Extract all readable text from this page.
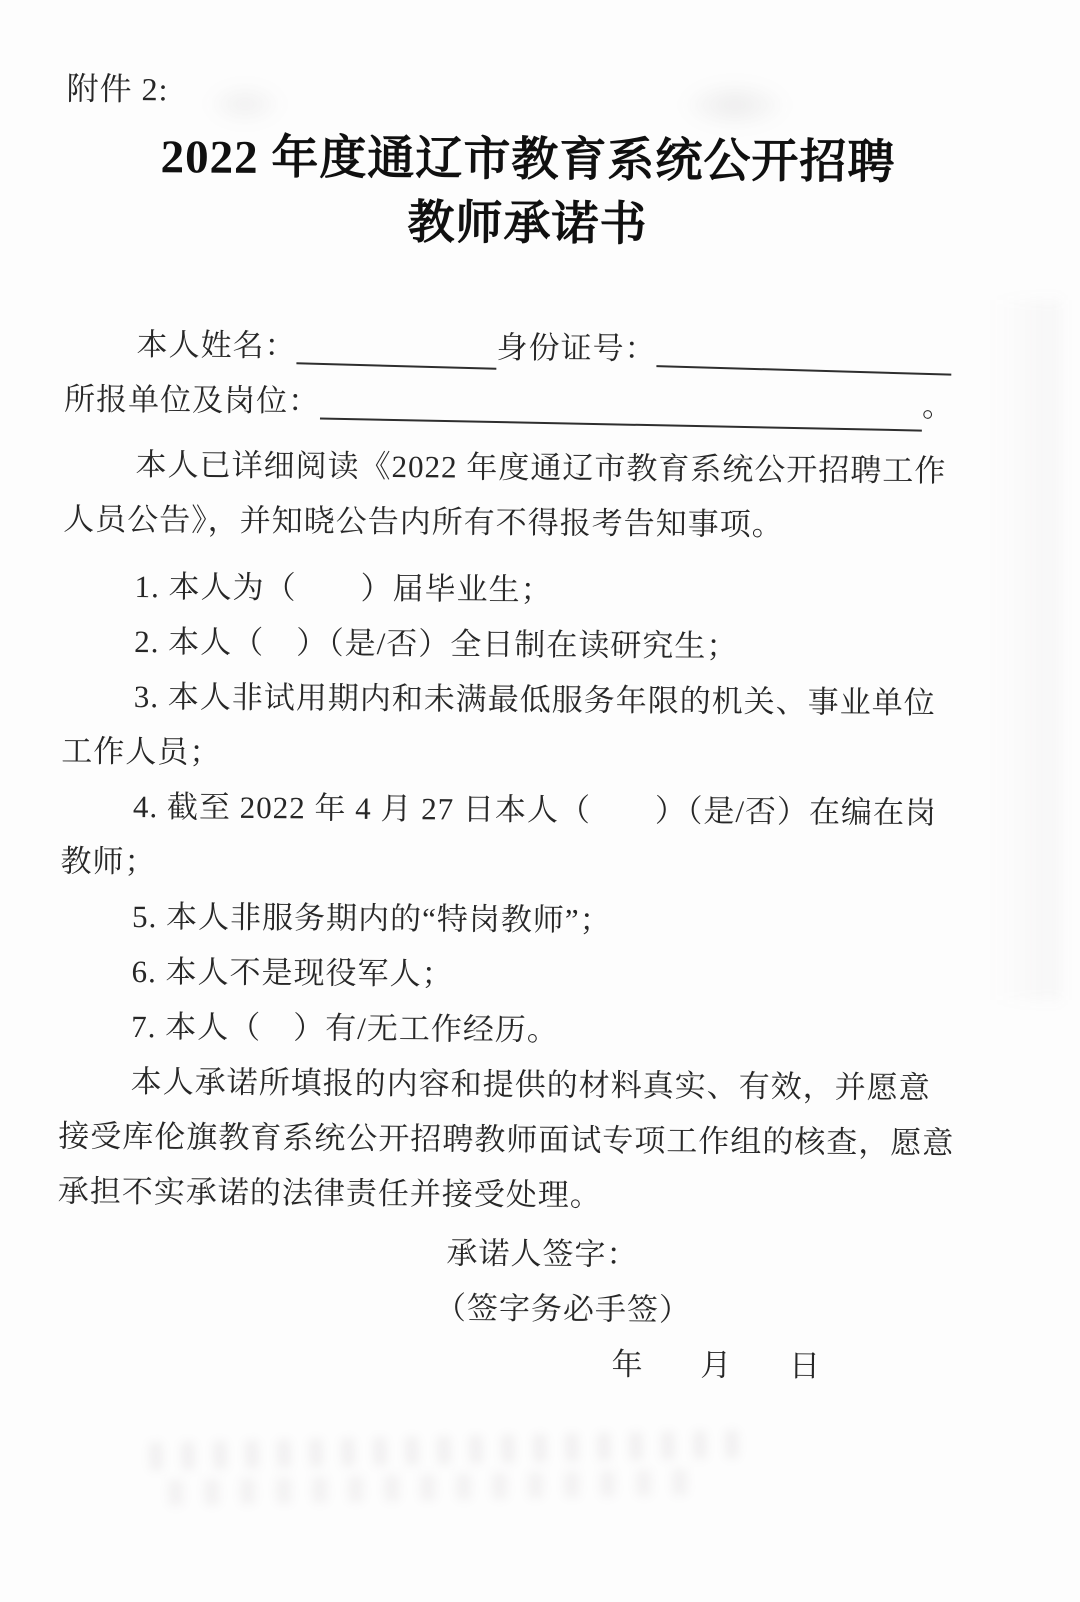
附件 2:
2022 年度通辽市教育系统公开招聘
教师承诺书
本人姓名：	身份证号：
所报单位及岗位：	。

本人已详细阅读《2022 年度通辽市教育系统公开招聘工作人员公告》，并知晓公告内所有不得报考告知事项。

1. 本人为（　　）届毕业生；

2. 本人（　）（是/否）全日制在读研究生；

3. 本人非试用期内和未满最低服务年限的机关、事业单位工作人员；

4. 截至 2022 年 4 月 27 日本人（　　）（是/否）在编在岗教师；

5. 本人非服务期内的“特岗教师”；

6. 本人不是现役军人；

7. 本人（　）有/无工作经历。

本人承诺所填报的内容和提供的材料真实、有效，并愿意接受库伦旗教育系统公开招聘教师面试专项工作组的核查，愿意承担不实承诺的法律责任并接受处理。

承诺人签字：
（签字务必手签）
年 月 日
